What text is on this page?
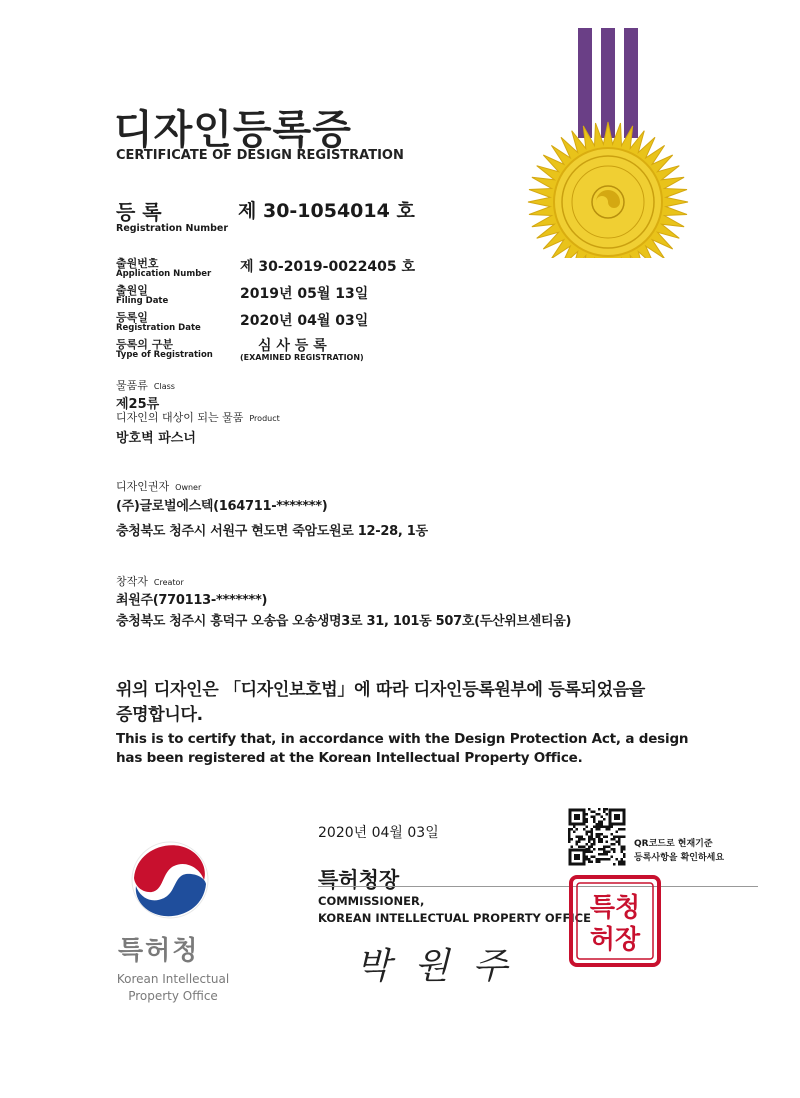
디자인등록증
CERTIFICATE OF DESIGN REGISTRATION
등 록
Registration Number
제 30-1054014 호
출원번호
Application Number 제 30-2019-0022405 호
출원일
Filing Date	2019년 05월 13일
등록일
Registration Date	2020년 04월 03일
등록의 구분
Type of Registration
심 사 등 록
(EXAMINED REGISTRATION)
물품류 Class
제25류
디자인의 대상이 되는 물품 Product
방호벽 파스너
디자인권자 Owner
(주)글로벌에스텍(164711-*******)
충청북도 청주시 서원구 현도면 죽암도원로 12-28, 1동
창작자 Creator
최원주(770113-*******)
충청북도 청주시 흥덕구 오송읍 오송생명3로 31, 101동 507호(두산위브센티움)
위의 디자인은 「디자인보호법」에 따라 디자인등록원부에 등록되었음을
증명합니다.
This is to certify that, in accordance with the Design Protection Act, a design
has been registered at the Korean Intellectual Property Office.
2020년 04월 03일
특허청장
COMMISSIONER,
KOREAN INTELLECTUAL PROPERTY OFFICE
박 원 주
QR코드로 현재기준
등록사항을 확인하세요
특청
허장
특허청
Korean Intellectual
Property Office
